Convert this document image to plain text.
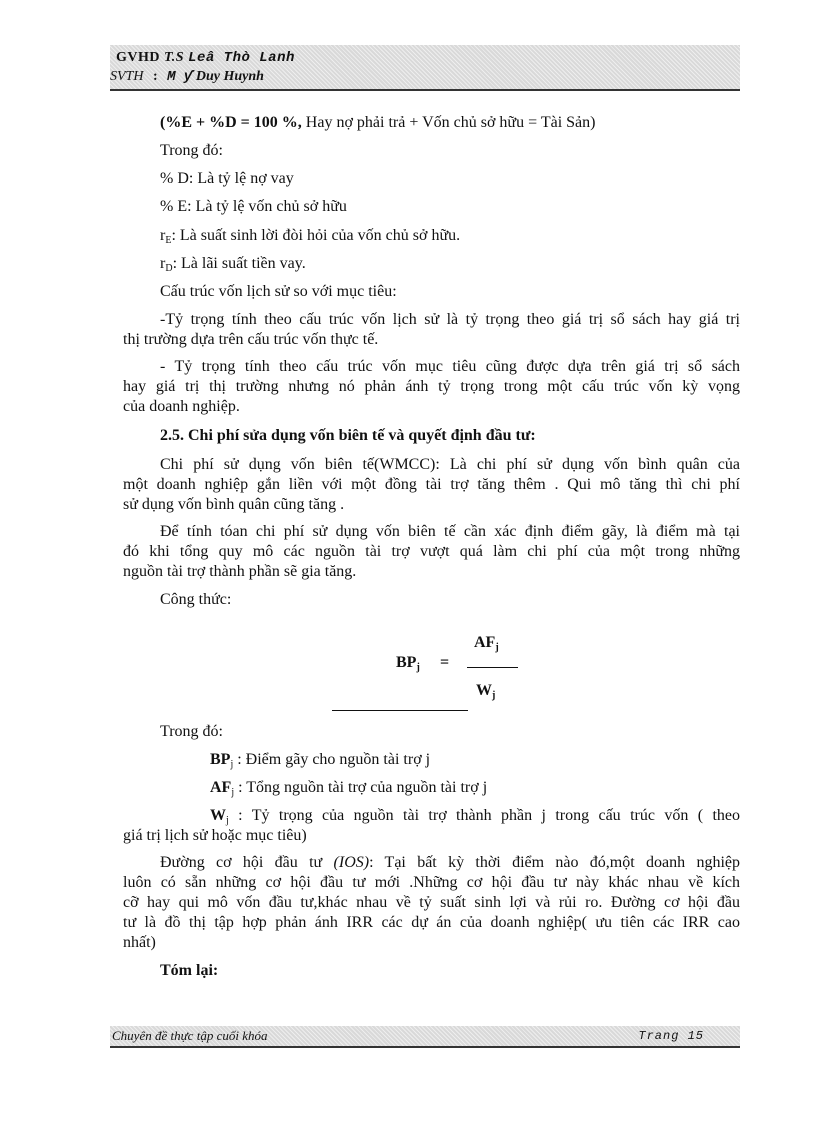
GVHD T.S Leâ Thò Lanh
SVTH : M ƴ Duy Huynh
(%E + %D = 100 %, Hay nợ phải trả + Vốn chủ sở hữu = Tài Sản)
Trong đó:
% D: Là tỷ lệ nợ vay
% E: Là tỷ lệ vốn chủ sở hữu
$r_E$: Là suất sinh lời đòi hỏi của vốn chủ sở hữu.
$r_D$: Là lãi suất tiền vay.
Cấu trúc vốn lịch sử so với mục tiêu:
-Tỷ trọng tính theo cấu trúc vốn lịch sử là tỷ trọng theo giá trị sổ sách hay giá trị
thị trường dựa trên cấu trúc vốn thực tế.
- Tỷ trọng tính theo cấu trúc vốn mục tiêu cũng được dựa trên giá trị sổ sách
hay giá trị thị trường nhưng nó phản ánh tỷ trọng trong một cấu trúc vốn kỳ vọng
của doanh nghiệp.
2.5. Chi phí sửa dụng vốn biên tế và quyết định đầu tư:
Chi phí sử dụng vốn biên tế(WMCC): Là chi phí sử dụng vốn bình quân của
một doanh nghiệp gắn liền với một đồng tài trợ tăng thêm . Qui mô tăng thì chi phí
sử dụng vốn bình quân cũng tăng .
Để tính tóan chi phí sử dụng vốn biên tế cần xác định điểm gãy, là điểm mà tại
đó khi tổng quy mô các nguồn tài trợ vượt quá làm chi phí của một trong những
nguồn tài trợ thành phần sẽ gia tăng.
Công thức:
$AF_j$
$BP_j$ =
$W_j$
Trong đó:
$BP_j$ : Điểm gãy cho nguồn tài trợ j
$AF_j$ : Tổng nguồn tài trợ của nguồn tài trợ j
$W_j$ : Tỷ trọng của nguồn tài trợ thành phần j trong cấu trúc vốn ( theo
giá trị lịch sử hoặc mục tiêu)
Đường cơ hội đầu tư (IOS): Tại bất kỳ thời điểm nào đó,một doanh nghiệp
luôn có sẵn những cơ hội đầu tư mới .Những cơ hội đầu tư này khác nhau về kích
cỡ hay qui mô vốn đầu tư,khác nhau về tỷ suất sinh lợi và rủi ro. Đường cơ hội đầu
tư là đồ thị tập hợp phản ánh IRR các dự án của doanh nghiệp( ưu tiên các IRR cao
nhất)
Tóm lại:
Chuyên đề thực tập cuối khóa	Trang 15
